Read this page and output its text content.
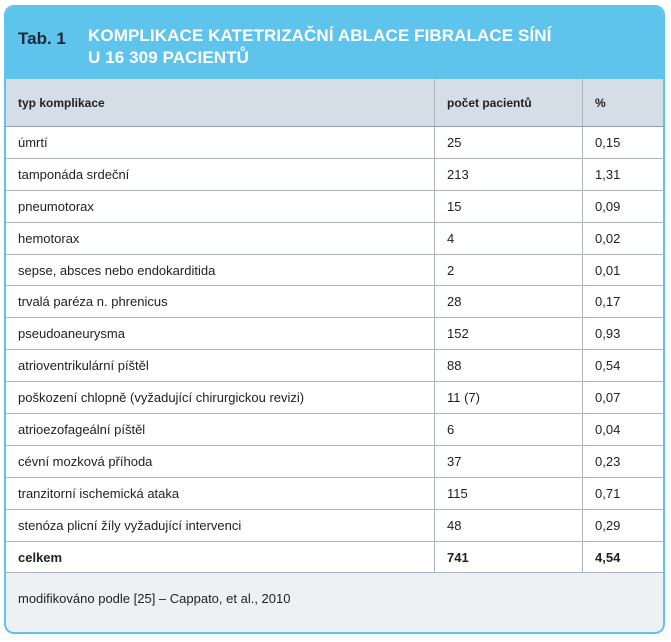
Tab. 1 KOMPLIKACE KATETRIZAČNÍ ABLACE FIBRALACE SÍNÍ
U 16 309 PACIENTŮ
typ komplikace	počet pacientů	%
úmrtí	25	0,15
tamponáda srdeční	213	1,31
pneumotorax	15	0,09
hemotorax	4	0,02
sepse, absces nebo endokarditida	2	0,01
trvalá paréza n. phrenicus	28	0,17
pseudoaneurysma	152	0,93
atrioventrikulární píštěl	88	0,54
poškození chlopně (vyžadující chirurgickou revizi)	11 (7)	0,07
atrioezofageální píštěl	6	0,04
cévní mozková příhoda	37	0,23
tranzitorní ischemická ataka	115	0,71
stenóza plicní žíly vyžadující intervenci	48	0,29
celkem	741	4,54
modifikováno podle [25] – Cappato, et al., 2010
